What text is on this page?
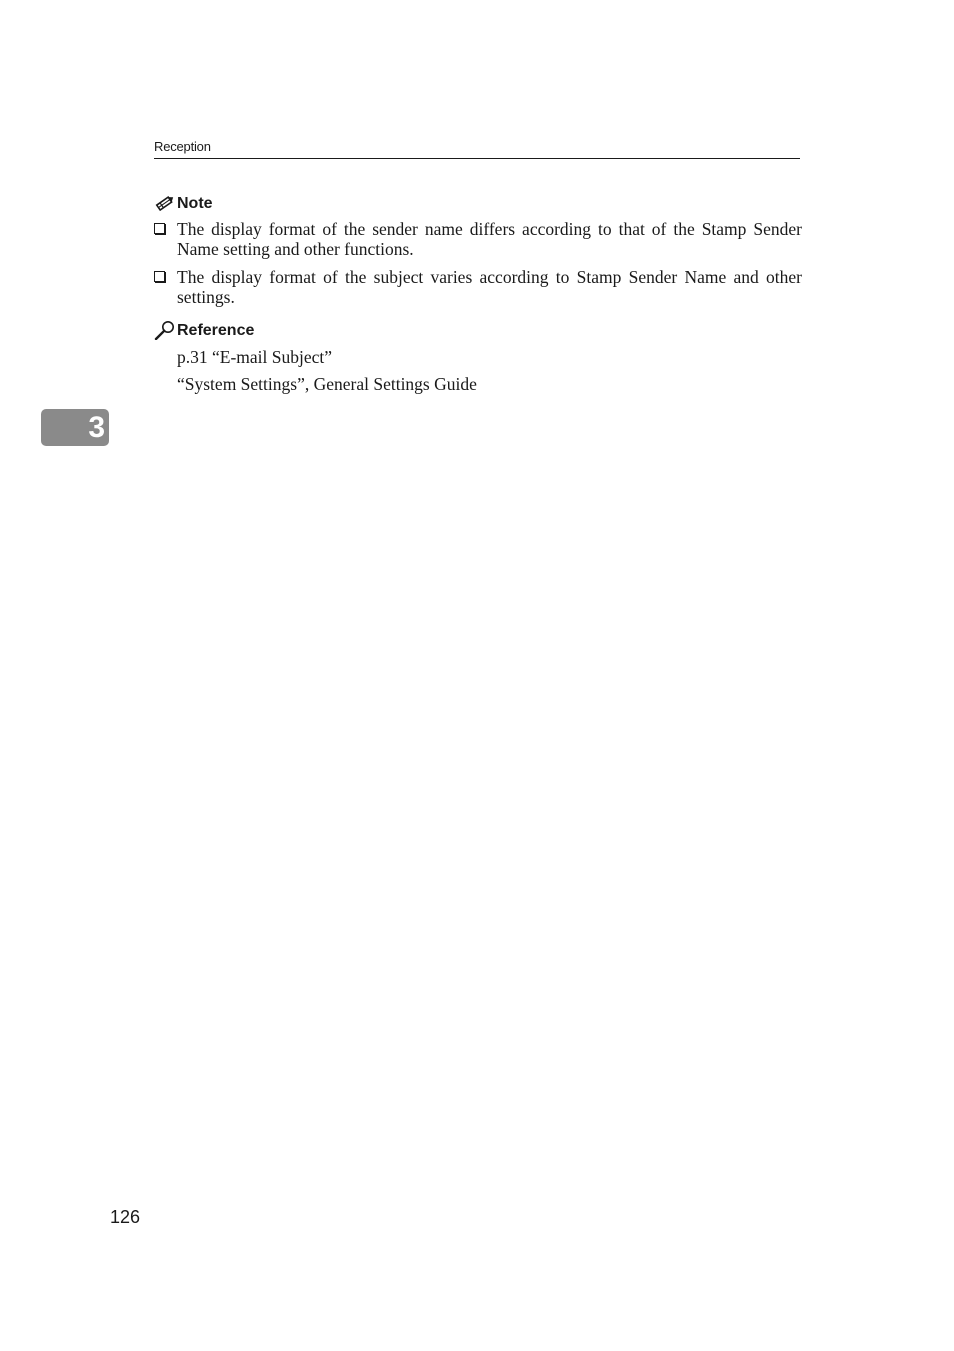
Reception
Note
The display format of the sender name differs according to that of the Stamp Sender Name setting and other functions.
The display format of the subject varies according to Stamp Sender Name and other settings.
Reference
p.31 “E-mail Subject”
“System Settings”, General Settings Guide
3
126
